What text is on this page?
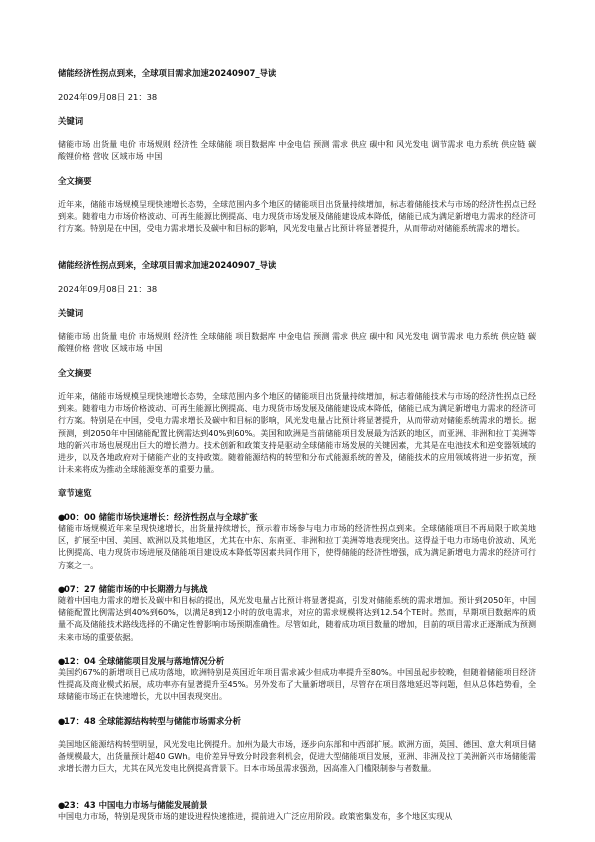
储能经济性拐点到来，全球项目需求加速20240907_导读
2024年09月08日 21：38
关键词

储能市场 出货量 电价 市场规则 经济性 全球储能 项目数据库 中金电信 预测 需求 供应 碳中和 风光发电 调节需求 电力系统 供应链 碳酸锂价格 营收 区域市场 中国

全文摘要

近年来，储能市场规模呈现快速增长态势，全球范围内多个地区的储能项目出货量持续增加，标志着储能技术与市场的经济性拐点已经到来。随着电力市场价格波动、可再生能源比例提高、电力现货市场发展及储能建设成本降低，储能已成为满足新增电力需求的经济可行方案。特别是在中国，受电力需求增长及碳中和目标的影响，风光发电量占比预计将显著提升，从而带动对储能系统需求的增长。

储能经济性拐点到来，全球项目需求加速20240907_导读
2024年09月08日 21：38
关键词

储能市场 出货量 电价 市场规则 经济性 全球储能 项目数据库 中金电信 预测 需求 供应 碳中和 风光发电 调节需求 电力系统 供应链 碳酸锂价格 营收 区域市场 中国

全文摘要

近年来，储能市场规模呈现快速增长态势，全球范围内多个地区的储能项目出货量持续增加，标志着储能技术与市场的经济性拐点已经到来。随着电力市场价格波动、可再生能源比例提高、电力现货市场发展及储能建设成本降低，储能已成为满足新增电力需求的经济可行方案。特别是在中国，受电力需求增长及碳中和目标的影响，风光发电量占比预计将显著提升，从而带动对储能系统需求的增长。据预测，到2050年中国储能配置比例需达到40%到60%。美国和欧洲是当前储能项目发展最为活跃的地区，而亚洲、非洲和拉丁美洲等地的新兴市场也展现出巨大的增长潜力。技术创新和政策支持是驱动全球储能市场发展的关键因素，尤其是在电池技术和逆变器领域的进步，以及各地政府对于储能产业的支持政策。随着能源结构的转型和分布式能源系统的普及，储能技术的应用领域将进一步拓宽，预计未来将成为推动全球能源变革的重要力量。

章节速览
●00：00 储能市场快速增长：经济性拐点与全球扩张

储能市场规模近年来呈现快速增长，出货量持续增长，预示着市场参与电力市场的经济性拐点到来。全球储能项目不再局限于欧美地区，扩展至中国、美国、欧洲以及其他地区，尤其在中东、东南亚、非洲和拉丁美洲等地表现突出。这得益于电力市场电价波动、风光比例提高、电力现货市场进展及储能项目建设成本降低等因素共同作用下，使得储能的经济性增强，成为满足新增电力需求的经济可行方案之一。

●07：27 储能市场的中长期潜力与挑战

随着中国电力需求的增长及碳中和目标的提出，风光发电量占比预计将显著提高，引发对储能系统的需求增加。预计到2050年，中国储能配置比例需达到40%到60%，以满足8到12小时的放电需求，对应的需求规模将达到12.54个TE时。然而，早期项目数据库的质量不高及储能技术路线选择的不确定性曾影响市场预期准确性。尽管如此，随着成功项目数量的增加，目前的项目需求正逐渐成为预测未来市场的重要依据。

●12：04 全球储能项目发展与落地情况分析

美国约67%的新增项目已成功落地，欧洲特别是英国近年项目需求减少但成功率提升至80%。中国虽起步较晚，但随着储能项目经济性提高及商业模式拓展，成功率亦有显著提升至45%。另外发布了大量新增项目，尽管存在项目落地延迟等问题，但从总体趋势看，全球储能市场正在快速增长，尤以中国表现突出。

●17：48 全球能源结构转型与储能市场需求分析

美国地区能源结构转型明显，风光发电比例提升。加州为最大市场，逐步向东部和中西部扩展。欧洲方面，英国、德国、意大利项目储备规模最大，出货量预计超40 GWh。电价差异导致分时段套利机会，促进大型储能项目发展，亚洲、非洲及拉丁美洲新兴市场储能需求增长潜力巨大，尤其在风光发电比例提高背景下。日本市场虽需求强劲，因高准入门槛限制参与者数量。

●23：43 中国电力市场与储能发展前景

中国电力市场，特别是现货市场的建设进程快速推进，提前进入广泛应用阶段。政策密集发布，多个地区实现从
